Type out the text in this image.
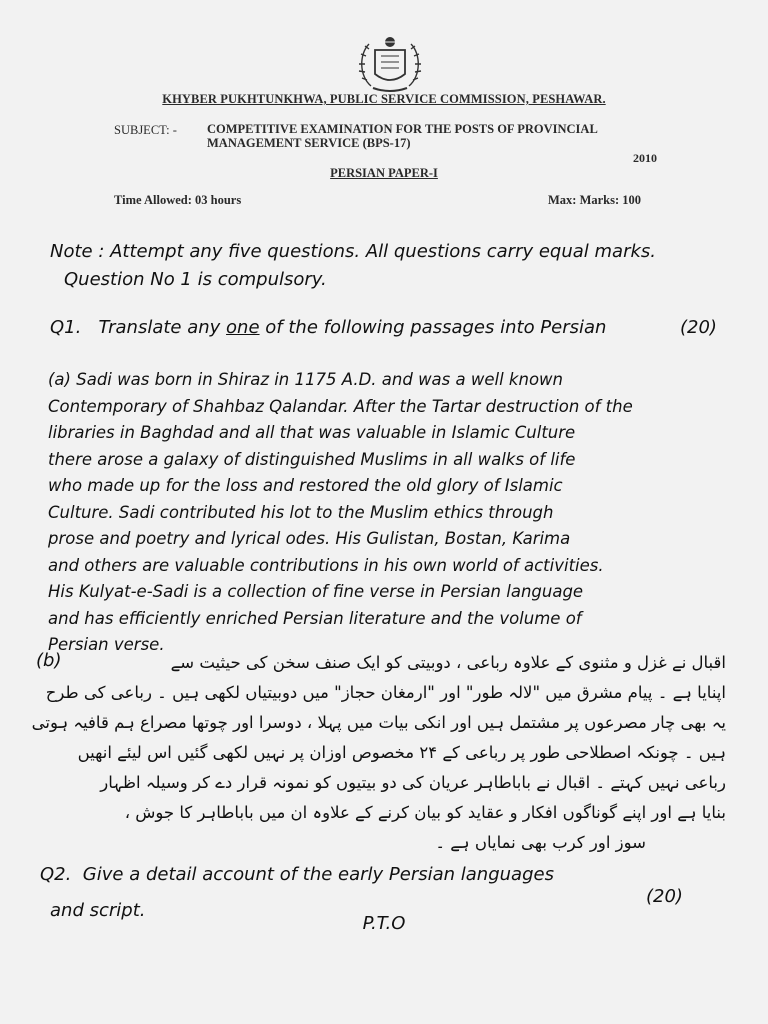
KHYBER PUKHTUNKHWA, PUBLIC SERVICE COMMISSION, PESHAWAR.
SUBJECT: - COMPETITIVE EXAMINATION FOR THE POSTS OF PROVINCIAL
MANAGEMENT SERVICE (BPS-17)
2010
PERSIAN PAPER-I
Time Allowed: 03 hours	Max: Marks: 100
Note : Attempt any five questions. All questions carry equal marks.
Question No 1 is compulsory.
Q1. Translate any one of the following passages into Persian	(20)
(a) Sadi was born in Shiraz in 1175 A.D. and was a well known
Contemporary of Shahbaz Qalandar. After the Tartar destruction of the
libraries in Baghdad and all that was valuable in Islamic Culture
there arose a galaxy of distinguished Muslims in all walks of life
who made up for the loss and restored the old glory of Islamic
Culture. Sadi contributed his lot to the Muslim ethics through
prose and poetry and lyrical odes. His Gulistan, Bostan, Karima
and others are valuable contributions in his own world of activities.
His Kulyat-e-Sadi is a collection of fine verse in Persian language
and has efficiently enriched Persian literature and the volume of
Persian verse.
(b)	اقبال نے غزل و مثنوی کے علاوہ رباعی ، دوبیتی کو ایک صنف سخن کی حیثیت سے
اپنایا ہے ۔ پیام مشرق میں "لالہ طور" اور "ارمغان حجاز" میں دوبیتیاں لکھی ہیں ۔ رباعی کی طرح
یہ بھی چار مصرعوں پر مشتمل ہیں اور انکی بیات میں پہلا ، دوسرا اور چوتھا مصراع ہم قافیہ ہوتی
ہیں ۔ چونکہ اصطلاحی طور پر رباعی کے ۲۴ مخصوص اوزان پر نہیں لکھی گئیں اس لیئے انھیں
رباعی نہیں کہتے ۔ اقبال نے باباطاہر عریان کی دو بیتیوں کو نمونہ قرار دے کر وسیلہ اظہار
بنایا ہے اور اپنے گوناگوں افکار و عقاید کو بیان کرنے کے علاوہ ان میں باباطاہر کا جوش ،
سوز اور کرب بھی نمایاں ہے ۔
Q2. Give a detail account of the early Persian languages
and script.
(20)
P.T.O
